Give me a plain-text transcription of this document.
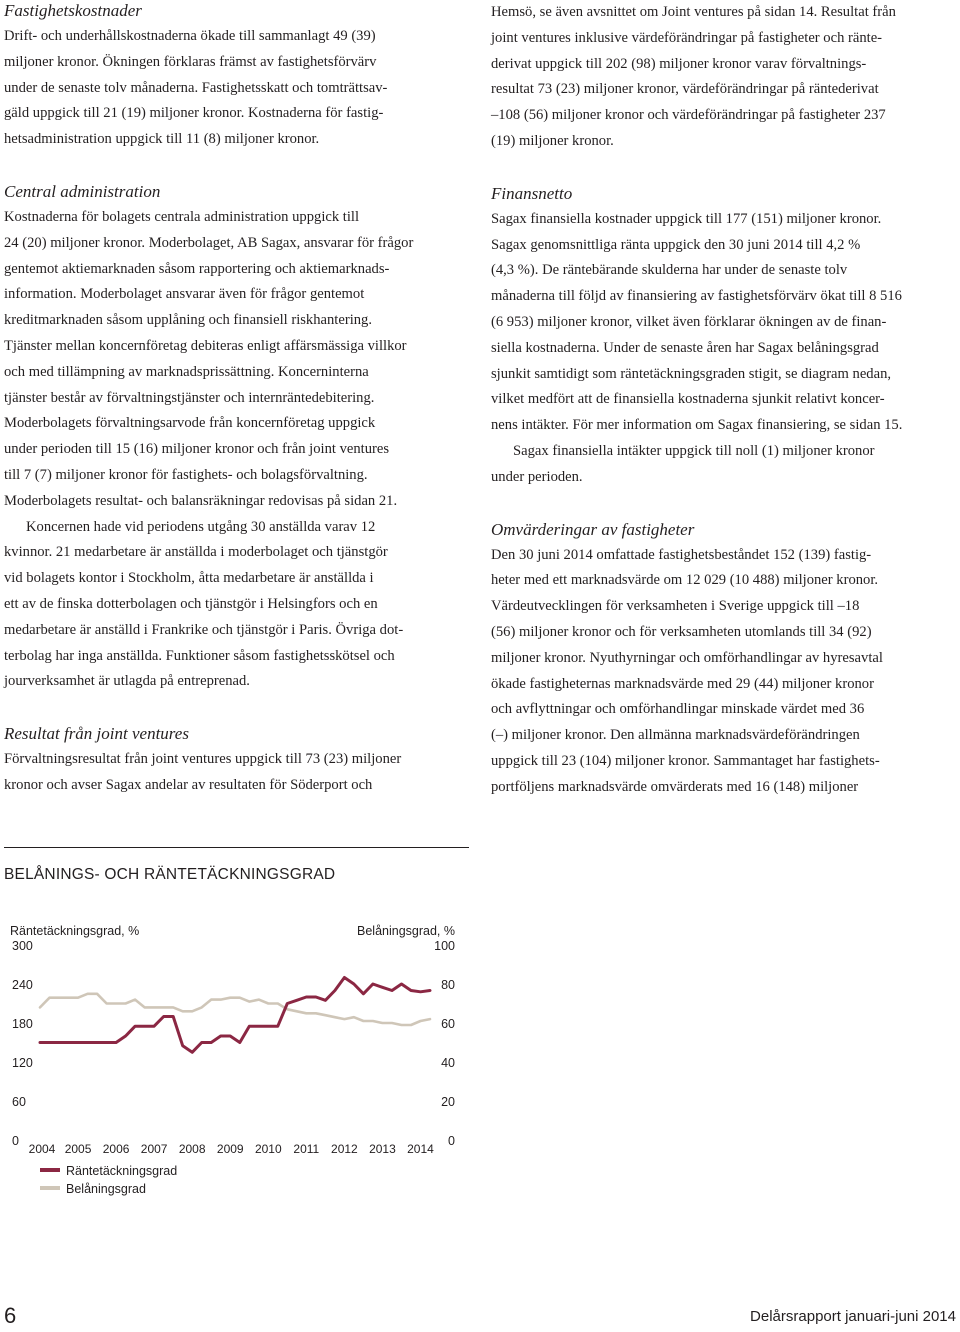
Fastighetskostnader

Drift- och underhållskostnaderna ökade till sammanlagt 49 (39)
miljoner kronor. Ökningen förklaras främst av fastighetsförvärv
under de senaste tolv månaderna. Fastighetsskatt och tomträttsav-
gäld uppgick till 21 (19) miljoner kronor. Kostnaderna för fastig-
hetsadministration uppgick till 11 (8) miljoner kronor.

Central administration

Kostnaderna för bolagets centrala administration uppgick till
24 (20) miljoner kronor. Moderbolaget, AB Sagax, ansvarar för frågor
gentemot aktiemarknaden såsom rapportering och aktiemarknads-
information. Moderbolaget ansvarar även för frågor gentemot
kreditmarknaden såsom upplåning och finansiell riskhantering.
Tjänster mellan koncernföretag debiteras enligt affärsmässiga villkor
och med tillämpning av marknadsprissättning. Koncerninterna
tjänster består av förvaltningstjänster och internräntedebitering.
Moderbolagets förvaltningsarvode från koncernföretag uppgick
under perioden till 15 (16) miljoner kronor och från joint ventures
till 7 (7) miljoner kronor för fastighets- och bolagsförvaltning.
Moderbolagets resultat- och balansräkningar redovisas på sidan 21.

Koncernen hade vid periodens utgång 30 anställda varav 12
kvinnor. 21 medarbetare är anställda i moderbolaget och tjänstgör
vid bolagets kontor i Stockholm, åtta medarbetare är anställda i
ett av de finska dotterbolagen och tjänstgör i Helsingfors och en
medarbetare är anställd i Frankrike och tjänstgör i Paris. Övriga dot-
terbolag har inga anställda. Funktioner såsom fastighetsskötsel och
jourverksamhet är utlagda på entreprenad.

Resultat från joint ventures

Förvaltningsresultat från joint ventures uppgick till 73 (23) miljoner
kronor och avser Sagax andelar av resultaten för Söderport och

Hemsö, se även avsnittet om Joint ventures på sidan 14. Resultat från
joint ventures inklusive värdeförändringar på fastigheter och ränte-
derivat uppgick till 202 (98) miljoner kronor varav förvaltnings-
resultat 73 (23) miljoner kronor, värdeförändringar på räntederivat
–108 (56) miljoner kronor och värdeförändringar på fastigheter 237
(19) miljoner kronor.

Finansnetto

Sagax finansiella kostnader uppgick till 177 (151) miljoner kronor.
Sagax genomsnittliga ränta uppgick den 30 juni 2014 till 4,2 %
(4,3 %). De räntebärande skulderna har under de senaste tolv
månaderna till följd av finansiering av fastighetsförvärv ökat till 8 516
(6 953) miljoner kronor, vilket även förklarar ökningen av de finan-
siella kostnaderna. Under de senaste åren har Sagax belåningsgrad
sjunkit samtidigt som räntetäckningsgraden stigit, se diagram nedan,
vilket medfört att de finansiella kostnaderna sjunkit relativt koncer-
nens intäkter. För mer information om Sagax finansiering, se sidan 15.

Sagax finansiella intäkter uppgick till noll (1) miljoner kronor
under perioden.

Omvärderingar av fastigheter

Den 30 juni 2014 omfattade fastighetsbeståndet 152 (139) fastig-
heter med ett marknadsvärde om 12 029 (10 488) miljoner kronor.
Värdeutvecklingen för verksamheten i Sverige uppgick till –18
(56) miljoner kronor och för verksamheten utomlands till 34 (92)
miljoner kronor. Nyuthyrningar och omförhandlingar av hyresavtal
ökade fastigheternas marknadsvärde med 29 (44) miljoner kronor
och avflyttningar och omförhandlingar minskade värdet med 36
(–) miljoner kronor. Den allmänna marknadsvärdeförändringen
uppgick till 23 (104) miljoner kronor. Sammantaget har fastighets-
portföljens marknadsvärde omvärderats med 16 (148) miljoner

BELÅNINGS- OCH RÄNTETÄCKNINGSGRAD
Räntetäckningsgrad, %	Belåningsgrad, %
0
60
120
180
240
300
0
20
40
60
80
100
2004 2005 2006 2007 2008 2009 2010 2011 2012 2013 2014
Räntetäckningsgrad
Belåningsgrad
6	Delårsrapport januari-juni 2014
